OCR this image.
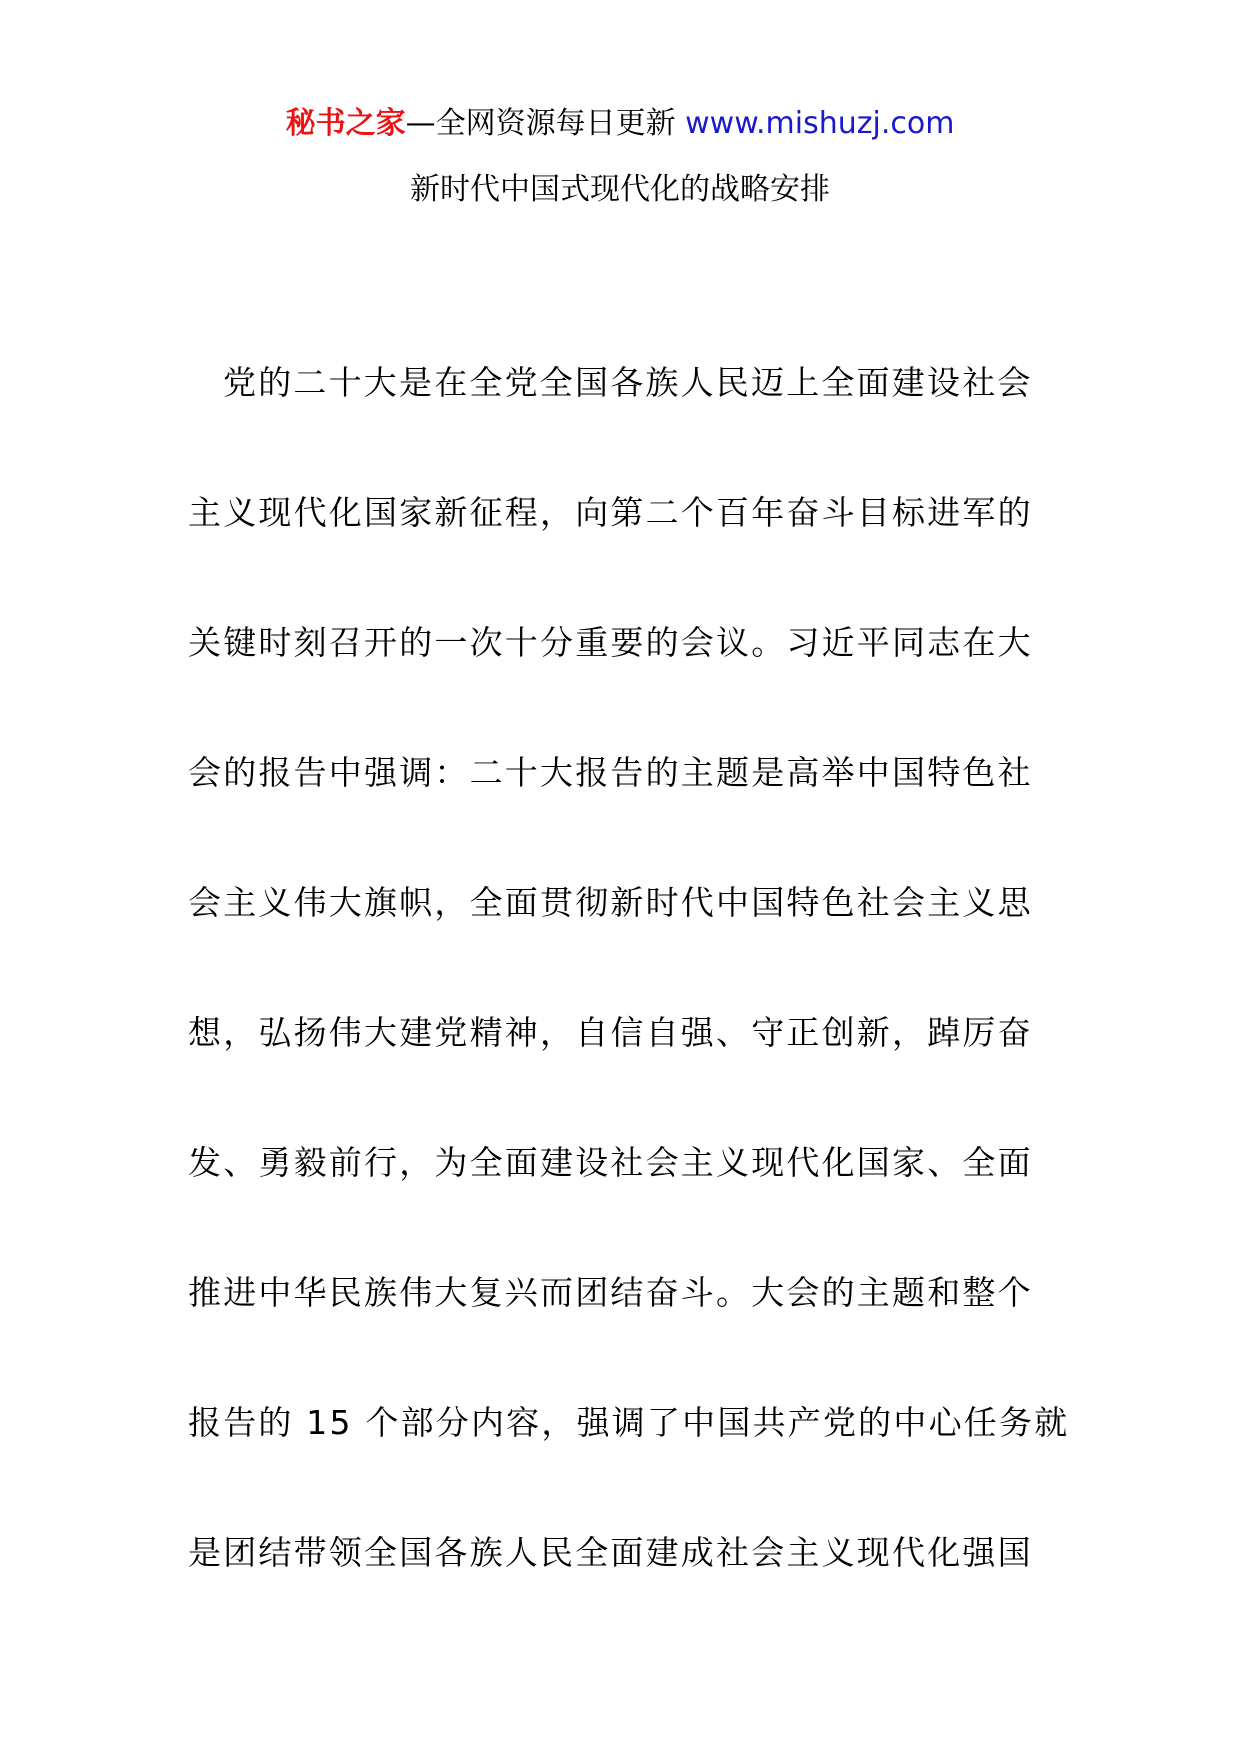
秘书之家—全网资源每日更新 www.mishuzj.com
新时代中国式现代化的战略安排
党的二十大是在全党全国各族人民迈上全面建设社会
主义现代化国家新征程，向第二个百年奋斗目标进军的
关键时刻召开的一次十分重要的会议。习近平同志在大
会的报告中强调：二十大报告的主题是高举中国特色社
会主义伟大旗帜，全面贯彻新时代中国特色社会主义思
想，弘扬伟大建党精神，自信自强、守正创新，踔厉奋
发、勇毅前行，为全面建设社会主义现代化国家、全面
推进中华民族伟大复兴而团结奋斗。大会的主题和整个
报告的 15 个部分内容，强调了中国共产党的中心任务就
是团结带领全国各族人民全面建成社会主义现代化强国
